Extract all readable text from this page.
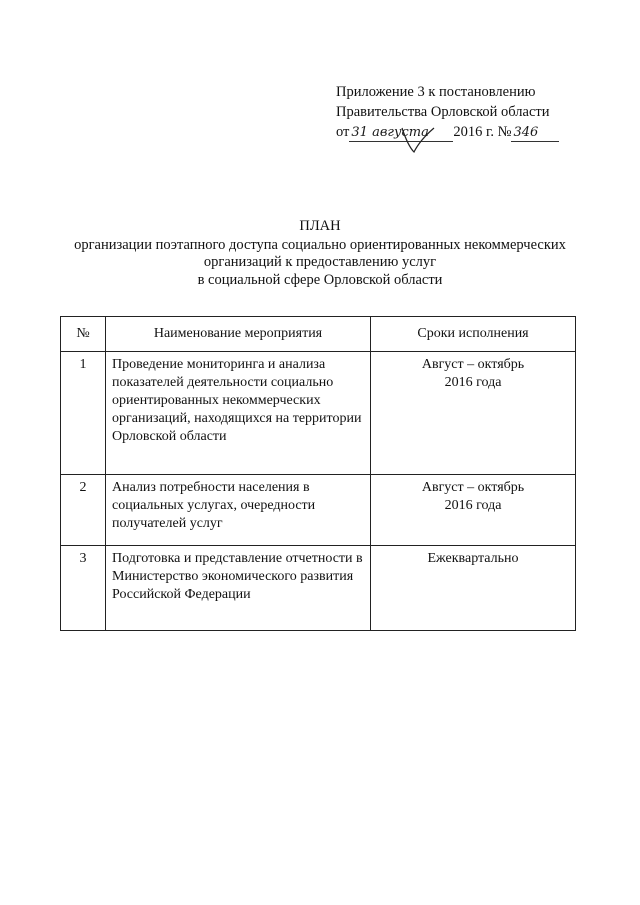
Приложение 3 к постановлению
Правительства Орловской области
от 31 августа 2016 г. № 346
ПЛАН
организации поэтапного доступа социально ориентированных некоммерческих
организаций к предоставлению услуг
в социальной сфере Орловской области
№	Наименование мероприятия	Сроки исполнения
1	Проведение мониторинга и анализа показателей деятельности социально ориентированных некоммерческих организаций, находящихся на территории Орловской области	Август – октябрь
2016 года

2	Анализ потребности населения в социальных услугах, очередности получателей услуг	Август – октябрь
2016 года

3	Подготовка и представление отчетности в Министерство экономического развития Российской Федерации	Ежеквартально
